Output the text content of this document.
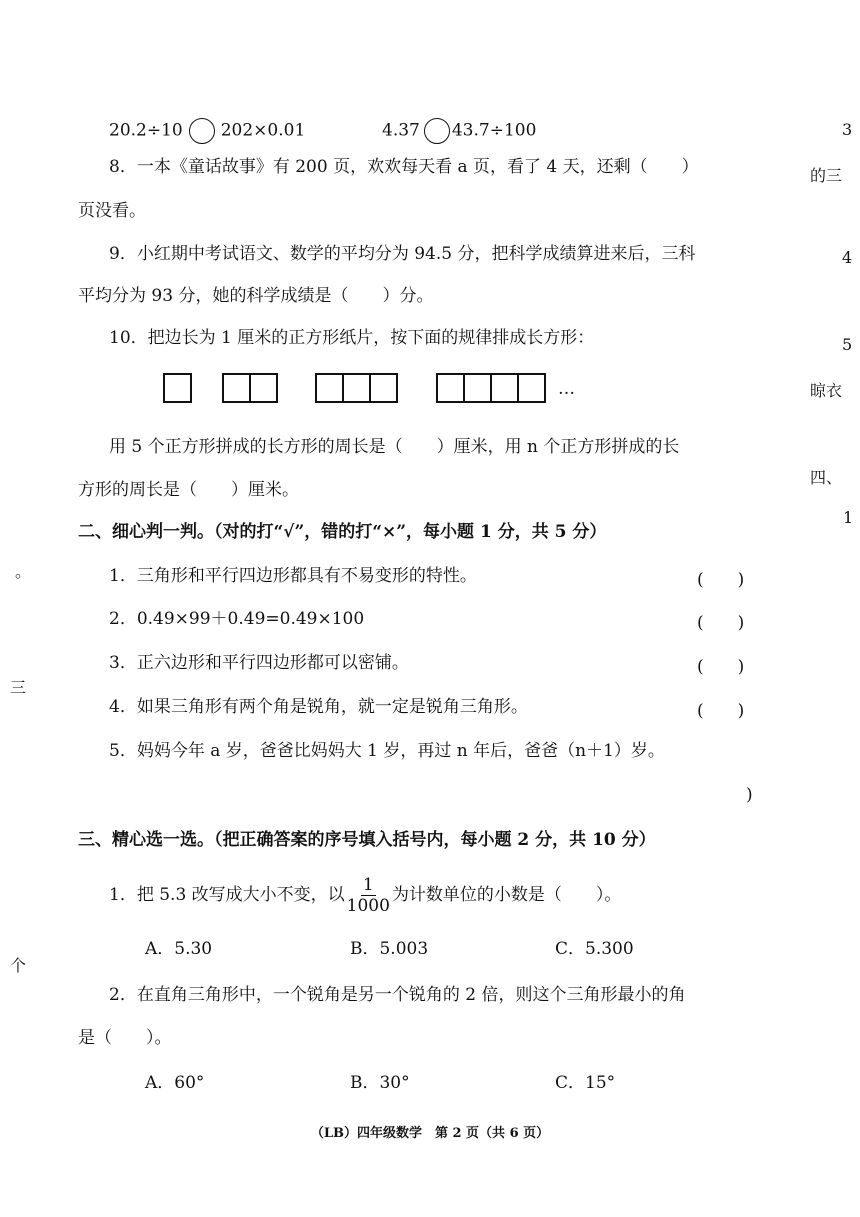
20.2÷10 202×0.01	4.37 43.7÷100
8．一本《童话故事》有 200 页，欢欢每天看 a 页，看了 4 天，还剩（　　）
页没看。
9．小红期中考试语文、数学的平均分为 94.5 分，把科学成绩算进来后，三科
平均分为 93 分，她的科学成绩是（　　）分。
10．把边长为 1 厘米的正方形纸片，按下面的规律排成长方形：
…
用 5 个正方形拼成的长方形的周长是（　　）厘米，用 n 个正方形拼成的长
方形的周长是（　　）厘米。
二、细心判一判。（对的打“√”，错的打“×”，每小题 1 分，共 5 分）
1．三角形和平行四边形都具有不易变形的特性。	(　　)
2．0.49×99＋0.49=0.49×100	(　　)
3．正六边形和平行四边形都可以密铺。	(　　)
4．如果三角形有两个角是锐角，就一定是锐角三角形。	(　　)
5．妈妈今年 a 岁，爸爸比妈妈大 1 岁，再过 n 年后，爸爸（n＋1）岁。
)
三、精心选一选。（把正确答案的序号填入括号内，每小题 2 分，共 10 分）
1．把 5.3 改写成大小不变，以 $\frac{1}{1000}$ 为计数单位的小数是（　　）。
A．5.30	B．5.003	C．5.300
2．在直角三角形中，一个锐角是另一个锐角的 2 倍，则这个三角形最小的角
是（　　）。
A．60°	B．30°	C．15°
（LB）四年级数学　第 2 页（共 6 页）
3
的三
4
5
晾衣
四、
1
。
三
个
